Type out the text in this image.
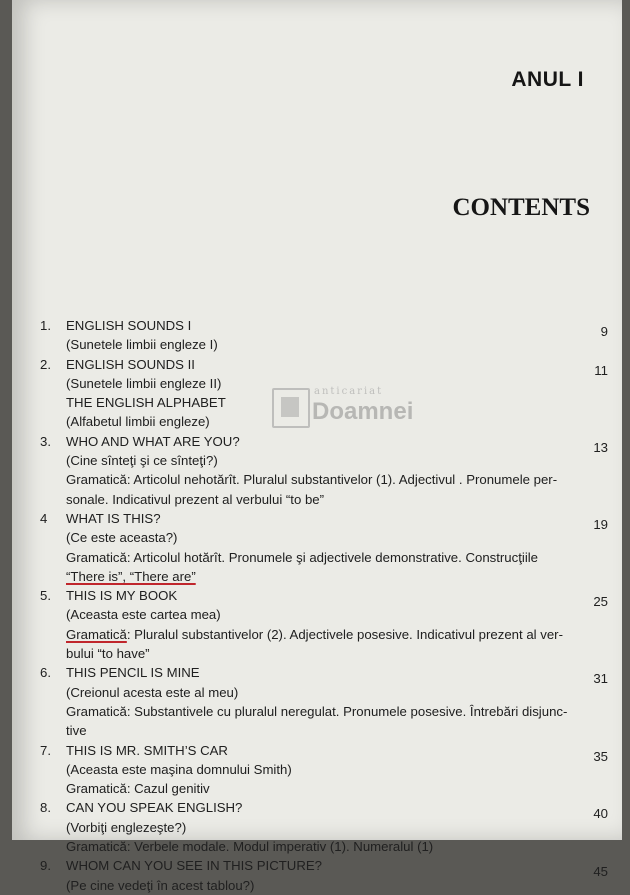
ANUL I
CONTENTS
anticariat
Doamnei
1. ENGLISH SOUNDS I
(Sunetele limbii engleze I)
9
2. ENGLISH SOUNDS II
(Sunetele limbii engleze II)
THE ENGLISH ALPHABET
(Alfabetul limbii engleze)
11
3. WHO AND WHAT ARE YOU?
(Cine sînteţi şi ce sînteţi?)
Gramatică: Articolul nehotărît. Pluralul substantivelor (1). Adjectivul . Pronumele per-
sonale. Indicativul prezent al verbului “to be”
13
4 WHAT IS THIS?
(Ce este aceasta?)
Gramatică: Articolul hotărît. Pronumele şi adjectivele demonstrative. Construcţiile
“There is”, “There are”
19
5. THIS IS MY BOOK
(Aceasta este cartea mea)
Gramatică: Pluralul substantivelor (2). Adjectivele posesive. Indicativul prezent al ver-
bului “to have”
25
6. THIS PENCIL IS MINE
(Creionul acesta este al meu)
Gramatică: Substantivele cu pluralul neregulat. Pronumele posesive. Întrebări disjunc-
tive
31
7. THIS IS MR. SMITH’S CAR
(Aceasta este maşina domnului Smith)
Gramatică: Cazul genitiv
35
8. CAN YOU SPEAK ENGLISH?
(Vorbiţi englezeşte?)
Gramatică: Verbele modale. Modul imperativ (1). Numeralul (1)
40
9. WHOM CAN YOU SEE IN THIS PICTURE?
(Pe cine vedeţi în acest tablou?)
45
